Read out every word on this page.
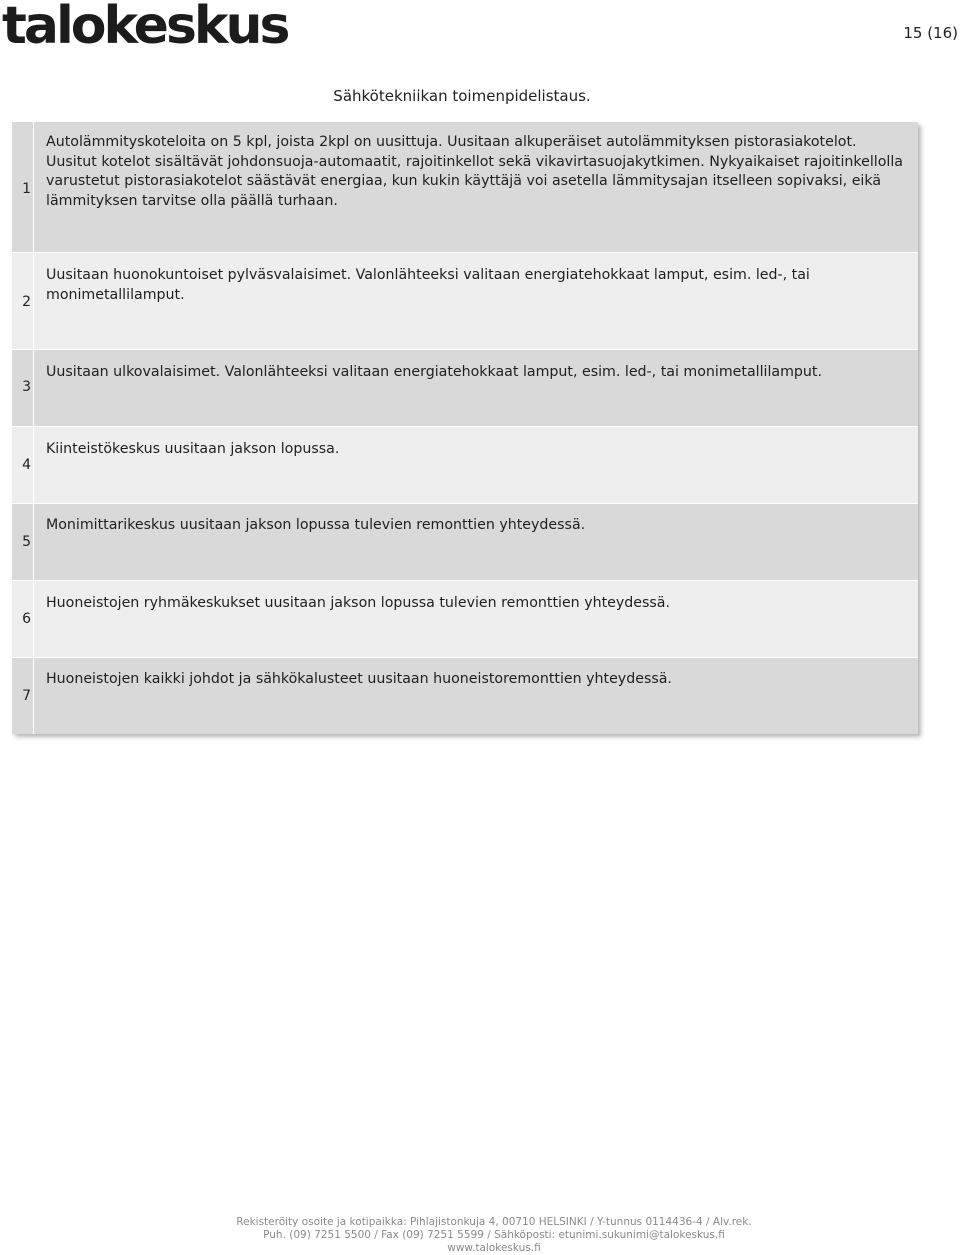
talokeskus	15 (16)
Sähkötekniikan toimenpidelistaus.
1
Autolämmityskoteloita on 5 kpl, joista 2kpl on uusittuja. Uusitaan alkuperäiset autolämmityksen pistorasiakotelot. Uusitut kotelot sisältävät johdonsuoja-automaatit, rajoitinkellot sekä vikavirtasuojakytkimen. Nykyaikaiset rajoitinkellolla varustetut pistorasiakotelot säästävät energiaa, kun kukin käyttäjä voi asetella lämmitysajan itselleen sopivaksi, eikä lämmityksen tarvitse olla päällä turhaan.
2
Uusitaan huonokuntoiset pylväsvalaisimet. Valonlähteeksi valitaan energiatehokkaat lamput, esim. led-, tai monimetallilamput.
3
Uusitaan ulkovalaisimet. Valonlähteeksi valitaan energiatehokkaat lamput, esim. led-, tai monimetallilamput.
4
Kiinteistökeskus uusitaan jakson lopussa.
5
Monimittarikeskus uusitaan jakson lopussa tulevien remonttien yhteydessä.
6
Huoneistojen ryhmäkeskukset uusitaan jakson lopussa tulevien remonttien yhteydessä.
7
Huoneistojen kaikki johdot ja sähkökalusteet uusitaan huoneistoremonttien yhteydessä.
Rekisteröity osoite ja kotipaikka: Pihlajistonkuja 4, 00710 HELSINKI / Y-tunnus 0114436-4 / Alv.rek.
Puh. (09) 7251 5500 / Fax (09) 7251 5599 / Sähköposti: etunimi.sukunimi@talokeskus.fi
www.talokeskus.fi
